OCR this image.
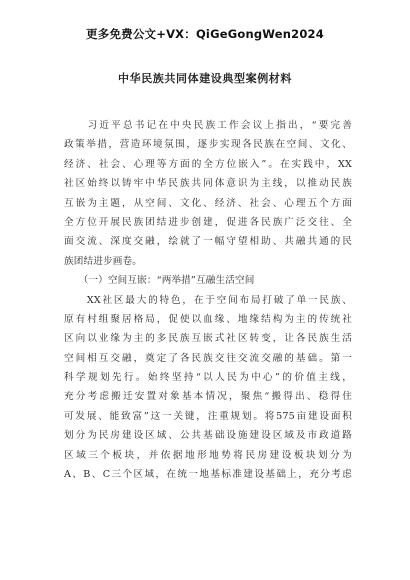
更多免费公文+VX：QiGeGongWen2024
中华民族共同体建设典型案例材料
　　习近平总书记在中央民族工作会议上指出，“要完善
政策举措，营造环境氛围，逐步实现各民族在空间、文化、
经济、社会、心理等方面的全方位嵌入”。在实践中，XX
社区始终以铸牢中华民族共同体意识为主线，以推动民族
互嵌为主题，从空间、文化、经济、社会、心理五个方面
全方位开展民族团结进步创建，促进各民族广泛交往、全
面交流、深度交融，绘就了一幅守望相助、共融共通的民
族团结进步画卷。
　　（一）空间互嵌：“两举措”互融生活空间
　　XX社区最大的特色，在于空间布局打破了单一民族、
原有村组聚居格局，促使以血缘、地缘结构为主的传统社
区向以业缘为主的多民族互嵌式社区转变，让各民族生活
空间相互交融，奠定了各民族交往交流交融的基础。第一
科学规划先行。始终坚持“以人民为中心”的价值主线，
充分考虑搬迁安置对象基本情况，聚焦“搬得出、稳得住
可发展、能致富”这一关键，注重规划。将575亩建设面积
划分为民房建设区域、公共基础设施建设区域及市政道路
区域三个板块，并依据地形地势将民房建设板块划分为
A、B、C三个区域，在统一地基标准建设基础上，充分考虑
